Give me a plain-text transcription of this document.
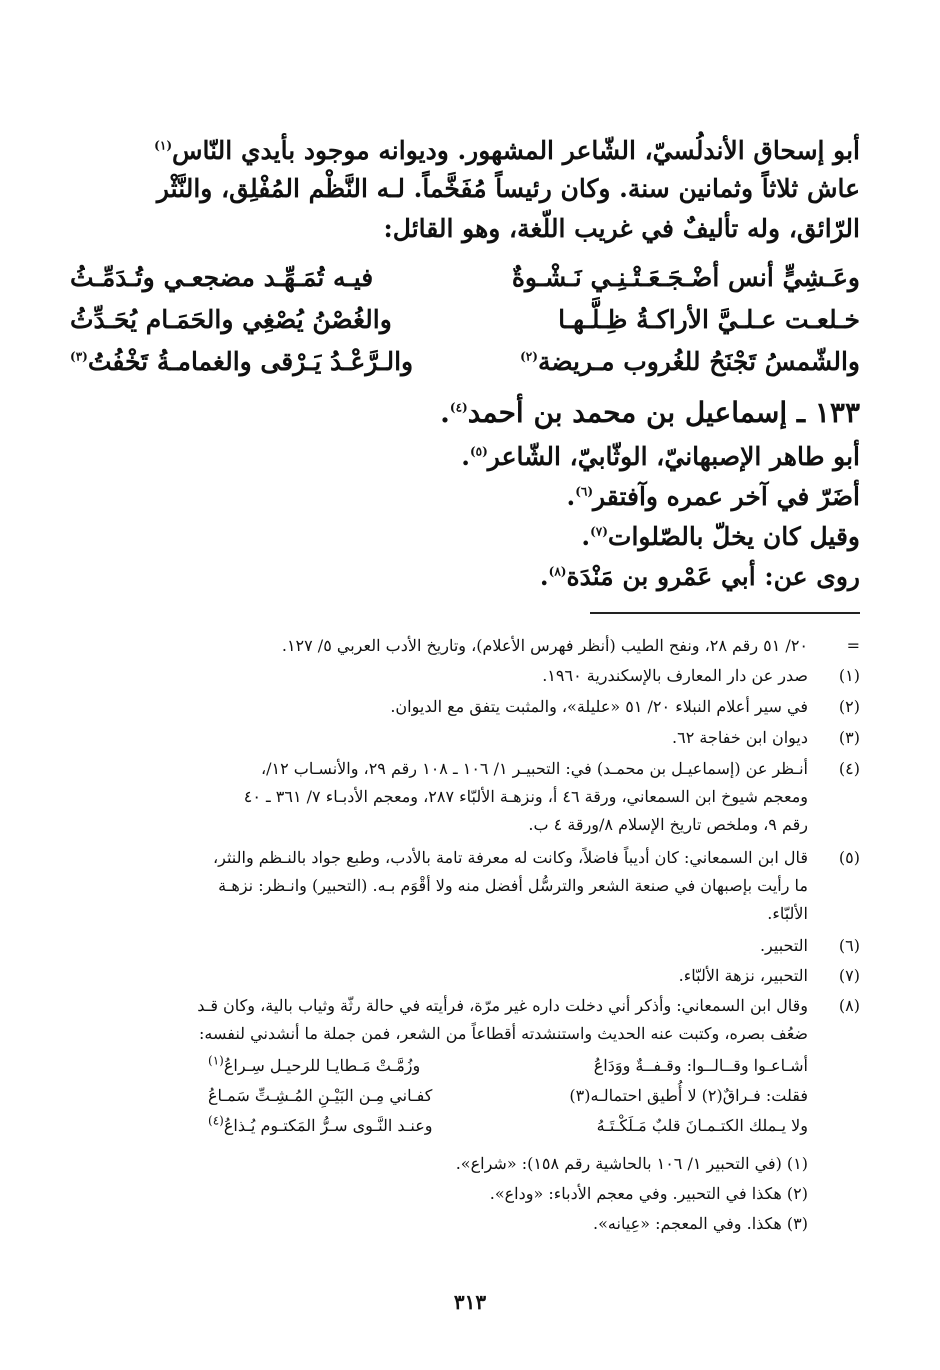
أبو إسحاق الأندلُسيّ، الشّاعر المشهور. وديوانه موجود بأيدي النّاس$^{(١)}$
عاش ثلاثاً وثمانين سنة. وكان رئيساً مُفَخَّماً. لـه النَّظْم المُفْلِق، والنَّثْر
الرّائق، وله تأليفٌ في غريب اللّغة، وهو القائل:
وعَـشِيٍّ أنس أضْـجَـعَـتْـنِـي نَـشْـوةٌ
فيـه تُمَـهِّـد مضجعـي وتُـدَمِّـثُ
خـلعـت عـلـيَّ الأراكـةُ ظِـلَّـهـا
والغُصْنُ يُصْغِي والحَمَـام يُحَـدِّثُ
والشّمسُ تَجْنَحُ للغُروب مـريضة$^{(٢)}$
والـرَّعْـدُ يَـرْقى والغمامـةُ تَخْفُتُ$^{(٣)}$
١٣٣ ـ إسماعيل بن محمد بن أحمد$^{(٤)}$.
أبو طاهر الإصبهانيّ، الوثّابيّ، الشّاعر$^{(٥)}$.
أضَرّ في آخر عمره وآفتقر$^{(٦)}$.
وقيل كان يخلّ بالصّلوات$^{(٧)}$.
روى عن: أبي عَمْرو بن مَنْدَة$^{(٨)}$.
=
٢٠/ ٥١ رقم ٢٨، ونفح الطيب (أنظر فهرس الأعلام)، وتاريخ الأدب العربي ٥/ ١٢٧.
(١)
صدر عن دار المعارف بالإسكندرية ١٩٦٠.
(٢)
في سير أعلام النبلاء ٢٠/ ٥١ «عليلة»، والمثبت يتفق مع الديوان.
(٣)
ديوان ابن خفاجة ٦٢.
(٤)
أنـظر عن (إسماعيـل بن محمـد) في: التحبيـر ١/ ١٠٦ ـ ١٠٨ رقم ٢٩، والأنسـاب ١٢/،
ومعجم شيوخ ابن السمعاني، ورقة ٤٦ أ، ونزهـة الألبّاء ٢٨٧، ومعجم الأدبـاء ٧/ ٣٦١ ـ ٤٠
رقم ٩، وملخص تاريخ الإسلام ٨/ورقة ٤ ب.
(٥)
قال ابن السمعاني: كان أديباً فاضلاً، وكانت له معرفة تامة بالأدب، وطبع جواد بالنـظم والنثر،
ما رأيت بإصبهان في صنعة الشعر والترسُّل أفضل منه ولا أقْوَم بـه. (التحبير) وانـظر: نزهـة
الألبّاء.
(٦)
التحبير.
(٧)
التحبير، نزهة الألبّاء.
(٨)
وقال ابن السمعاني: وأذكر أني دخلت داره غير مرّة، فرأيته في حالة رثّة وثياب بالية، وكان قـد
ضعُف بصره، وكتبت عنه الحديث واستنشدته أقطاعاً من الشعر، فمن جملة ما أنشدني لنفسه:
أشـاعـوا وقــالــوا: وقـفــةٌ ووَدَاعُ
وزُمَّـتْ مَـطايـا للرحيـل سِـراعُ$^{(١)}$
فقلت: فـراقٌ(٢) لا أُطيق احتمالـه(٣)
كفـاني مِـن البَيْـنِ المُـشِـتِّ سَمـاعُ
ولا يـملك الكتـمـانَ قلبٌ مَـلَكْـتَـهُ
وعنـد النَّـوى سـرُّ المَكتـوم يُـذاعُ$^{(٤)}$
(١) (في التحبير ١/ ١٠٦ بالحاشية رقم ١٥٨): «شراع».
(٢) هكذا في التحبير. وفي معجم الأدباء: «وداع».
(٣) هكذا. وفي المعجم: «عِيانه».
٣١٣
